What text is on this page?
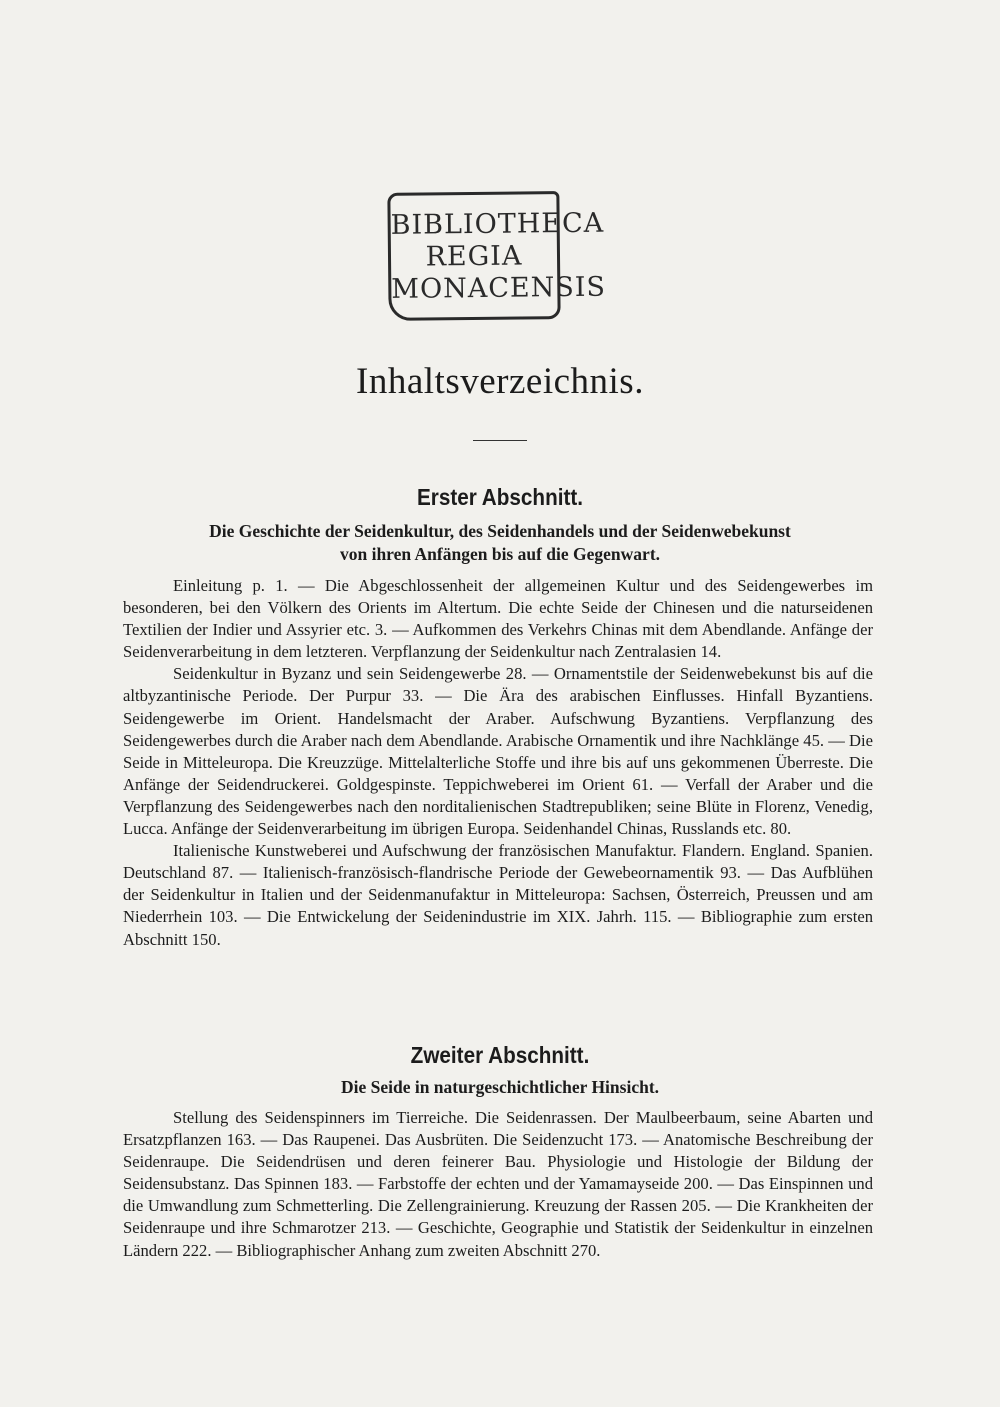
BIBLIOTHECA
REGIA
MONACENSIS
Inhaltsverzeichnis.
Erster Abschnitt.
Die Geschichte der Seidenkultur, des Seidenhandels und der Seidenwebekunst
von ihren Anfängen bis auf die Gegenwart.

Einleitung p. 1. — Die Abgeschlossenheit der allgemeinen Kultur und des Seidengewerbes im besonderen, bei den Völkern des Orients im Altertum. Die echte Seide der Chinesen und die naturseidenen Textilien der Indier und Assyrier etc. 3. — Aufkommen des Verkehrs Chinas mit dem Abendlande. Anfänge der Seidenverarbeitung in dem letzteren. Verpflanzung der Seidenkultur nach Zentralasien 14.

Seidenkultur in Byzanz und sein Seidengewerbe 28. — Ornamentstile der Seidenwebekunst bis auf die altbyzantinische Periode. Der Purpur 33. — Die Ära des arabischen Einflusses. Hinfall Byzantiens. Seidengewerbe im Orient. Handelsmacht der Araber. Aufschwung Byzantiens. Verpflanzung des Seidengewerbes durch die Araber nach dem Abendlande. Arabische Ornamentik und ihre Nachklänge 45. — Die Seide in Mitteleuropa. Die Kreuzzüge. Mittelalterliche Stoffe und ihre bis auf uns gekommenen Überreste. Die Anfänge der Seidendruckerei. Goldgespinste. Teppichweberei im Orient 61. — Verfall der Araber und die Verpflanzung des Seidengewerbes nach den norditalienischen Stadtrepubliken; seine Blüte in Florenz, Venedig, Lucca. Anfänge der Seidenverarbeitung im übrigen Europa. Seidenhandel Chinas, Russlands etc. 80.

Italienische Kunstweberei und Aufschwung der französischen Manufaktur. Flandern. England. Spanien. Deutschland 87. — Italienisch-französisch-flandrische Periode der Gewebeornamentik 93. — Das Aufblühen der Seidenkultur in Italien und der Seidenmanufaktur in Mitteleuropa: Sachsen, Österreich, Preussen und am Niederrhein 103. — Die Entwickelung der Seidenindustrie im XIX. Jahrh. 115. — Bibliographie zum ersten Abschnitt 150.

Zweiter Abschnitt.
Die Seide in naturgeschichtlicher Hinsicht.

Stellung des Seidenspinners im Tierreiche. Die Seidenrassen. Der Maulbeerbaum, seine Abarten und Ersatzpflanzen 163. — Das Raupenei. Das Ausbrüten. Die Seidenzucht 173. — Anatomische Beschreibung der Seidenraupe. Die Seidendrüsen und deren feinerer Bau. Physiologie und Histologie der Bildung der Seidensubstanz. Das Spinnen 183. — Farbstoffe der echten und der Yamamayseide 200. — Das Einspinnen und die Umwandlung zum Schmetterling. Die Zellengrainierung. Kreuzung der Rassen 205. — Die Krankheiten der Seidenraupe und ihre Schmarotzer 213. — Geschichte, Geographie und Statistik der Seidenkultur in einzelnen Ländern 222. — Bibliographischer Anhang zum zweiten Abschnitt 270.
